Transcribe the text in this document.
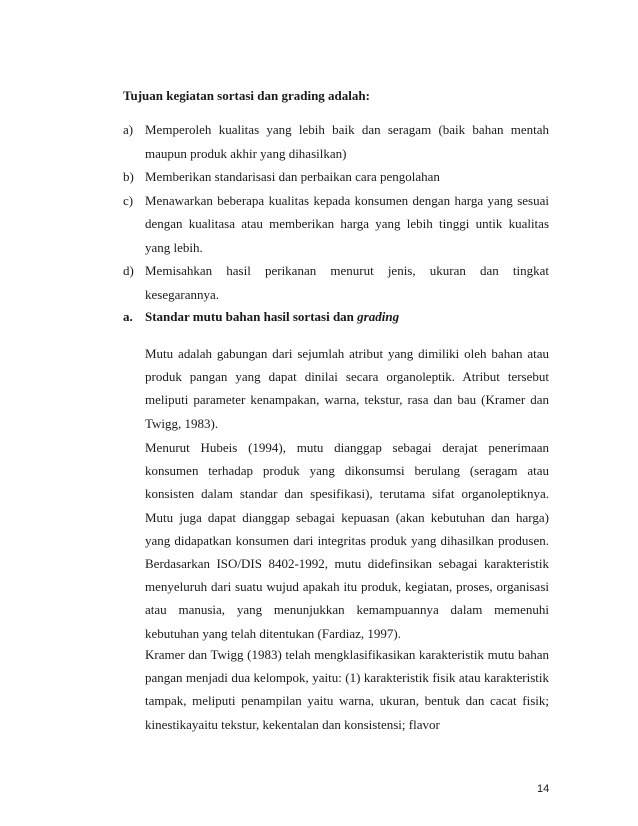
Tujuan kegiatan sortasi dan grading adalah:
a) Memperoleh kualitas yang lebih baik dan seragam (baik bahan mentah maupun produk akhir yang dihasilkan)
b) Memberikan standarisasi dan perbaikan cara pengolahan
c) Menawarkan beberapa kualitas kepada konsumen dengan harga yang sesuai dengan kualitasa atau memberikan harga yang lebih tinggi untik kualitas yang lebih.
d) Memisahkan hasil perikanan menurut jenis, ukuran dan tingkat kesegarannya.
a. Standar mutu bahan hasil sortasi dan grading

Mutu adalah gabungan dari sejumlah atribut yang dimiliki oleh bahan atau produk pangan yang dapat dinilai secara organoleptik. Atribut tersebut meliputi parameter kenampakan, warna, tekstur, rasa dan bau (Kramer dan Twigg, 1983).

Menurut Hubeis (1994), mutu dianggap sebagai derajat penerimaan konsumen terhadap produk yang dikonsumsi berulang (seragam atau konsisten dalam standar dan spesifikasi), terutama sifat organoleptiknya. Mutu juga dapat dianggap sebagai kepuasan (akan kebutuhan dan harga) yang didapatkan konsumen dari integritas produk yang dihasilkan produsen. Berdasarkan ISO/DIS 8402-1992, mutu didefinsikan sebagai karakteristik menyeluruh dari suatu wujud apakah itu produk, kegiatan, proses, organisasi atau manusia, yang menunjukkan kemampuannya dalam memenuhi kebutuhan yang telah ditentukan (Fardiaz, 1997).

Kramer dan Twigg (1983) telah mengklasifikasikan karakteristik mutu bahan pangan menjadi dua kelompok, yaitu: (1) karakteristik fisik atau karakteristik tampak, meliputi penampilan yaitu warna, ukuran, bentuk dan cacat fisik; kinestikayaitu tekstur, kekentalan dan konsistensi; flavor

14
